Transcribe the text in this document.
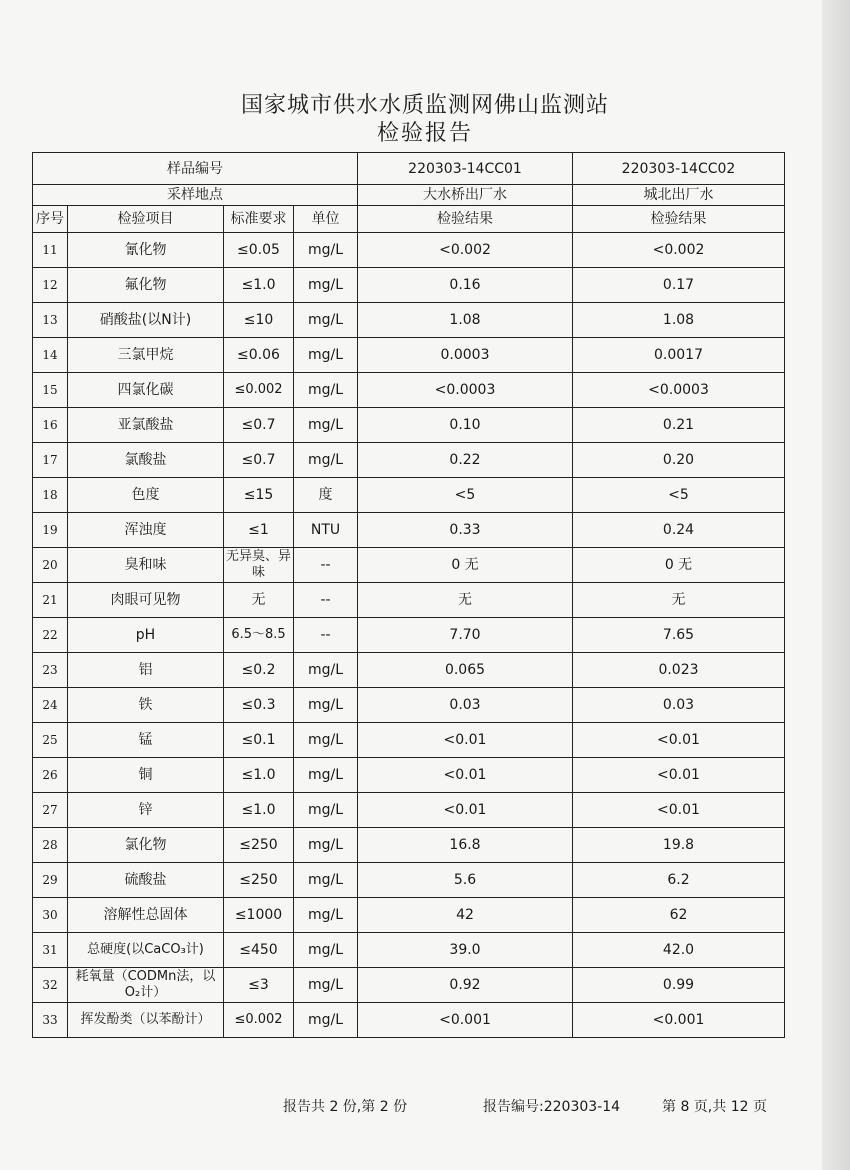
国家城市供水水质监测网佛山监测站
检验报告
样品编号				220303-14CC01		220303-14CC02
采样地点				大水桥出厂水		城北出厂水
序号	检验项目	标准要求	单位	检验结果		检验结果
11	氰化物	≤0.05	mg/L	<0.002		<0.002
12	氟化物	≤1.0	mg/L	0.16		0.17
13	硝酸盐(以N计)	≤10	mg/L	1.08		1.08
14	三氯甲烷	≤0.06	mg/L	0.0003		0.0017
15	四氯化碳	≤0.002	mg/L	<0.0003		<0.0003
16	亚氯酸盐	≤0.7	mg/L	0.10		0.21
17	氯酸盐	≤0.7	mg/L	0.22		0.20
18	色度	≤15	度	<5		<5
19	浑浊度	≤1	NTU	0.33		0.24
20	臭和味	无异臭、异味	--	0 无		0 无
21	肉眼可见物	无	--	无		无
22	pH	6.5～8.5	--	7.70		7.65
23	铝	≤0.2	mg/L	0.065		0.023
24	铁	≤0.3	mg/L	0.03		0.03
25	锰	≤0.1	mg/L	<0.01		<0.01
26	铜	≤1.0	mg/L	<0.01		<0.01
27	锌	≤1.0	mg/L	<0.01		<0.01
28	氯化物	≤250	mg/L	16.8		19.8
29	硫酸盐	≤250	mg/L	5.6		6.2
30	溶解性总固体	≤1000	mg/L	42		62
31	总硬度(以CaCO₃计)	≤450	mg/L	39.0		42.0
32	耗氧量（CODMn法，以O₂计）	≤3	mg/L	0.92		0.99
33	挥发酚类（以苯酚计）	≤0.002	mg/L	<0.001		<0.001
报告共 2 份,第 2 份	报告编号:220303-14	第 8 页,共 12 页
